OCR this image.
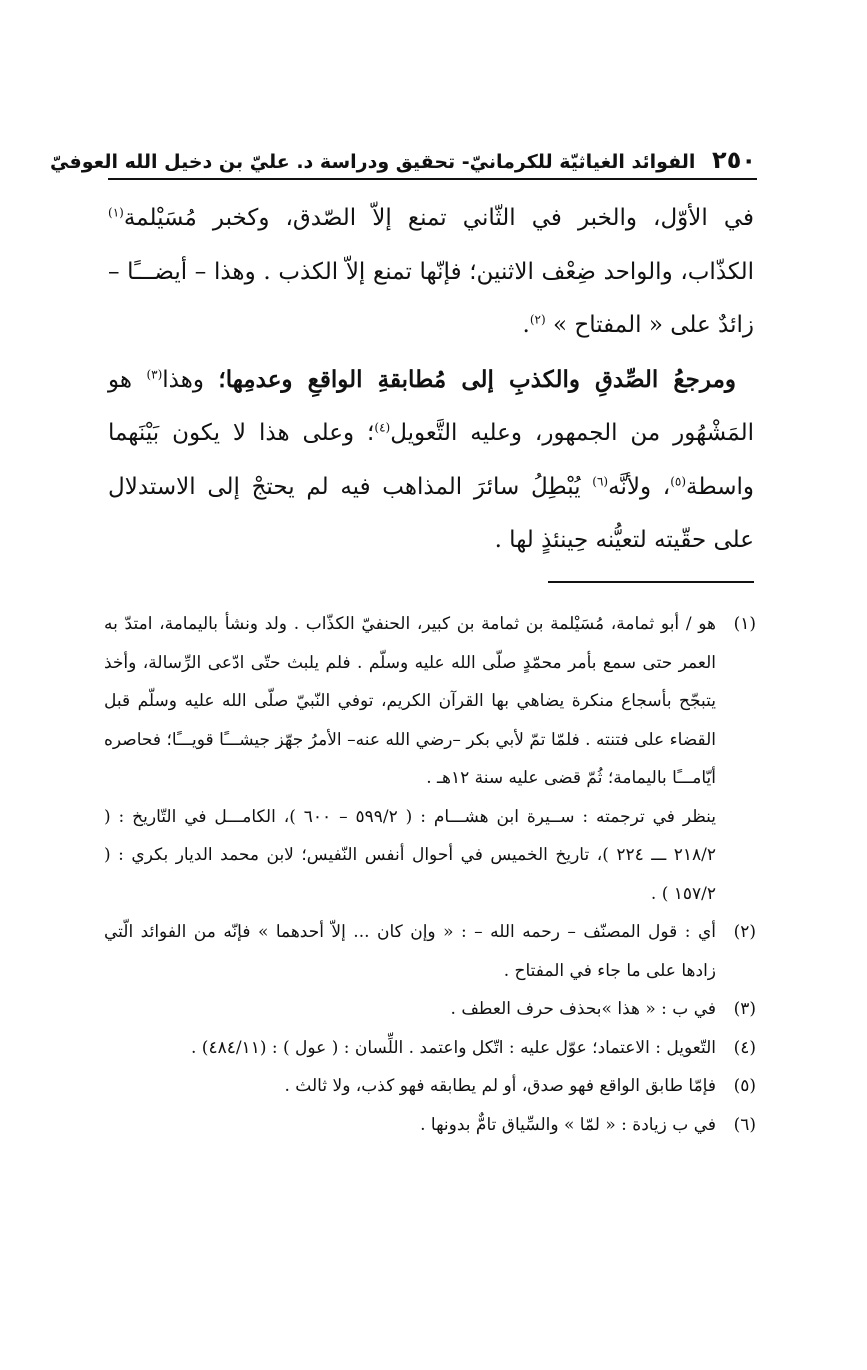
٢٥٠ الفوائد الغياثيّة للكرمانيّ- تحقيق ودراسة د. عليّ بن دخيل الله العوفيّ

في الأوّل، والخبر في الثّاني تمنع إلاّ الصّدق، وكخبر مُسَيْلمة$^{(١)}$ الكذّاب، والواحد ضِعْف الاثنين؛ فإنّها تمنع إلاّ الكذب . وهذا – أيضـــًا – زائدٌ على « المفتاح » $^{(٢)}$.

ومرجعُ الصِّدقِ والكذبِ إلى مُطابقةِ الواقعِ وعدمِها؛ وهذا$^{(٣)}$ هو المَشْهُور من الجمهور، وعليه التَّعويل$^{(٤)}$؛ وعلى هذا لا يكون بَيْنَهما واسطة$^{(٥)}$، ولأنَّه$^{(٦)}$ يُبْطِلُ سائرَ المذاهب فيه لم يحتجْ إلى الاستدلال على حقّيته لتعيُّنه حِينئذٍ لها .

(١)هو / أبو ثمامة، مُسَيْلمة بن ثمامة بن كبير، الحنفيّ الكذّاب . ولد ونشأ باليمامة، امتدّ به العمر حتى سمع بأمر محمّدٍ صلّى الله عليه وسلّم . فلم يلبث حتّى ادّعى الرِّسالة، وأخذ يتبجّح بأسجاع منكرة يضاهي بها القرآن الكريم، توفي النّبيّ صلّى الله عليه وسلّم قبل القضاء على فتنته . فلمّا تمّ لأبي بكر –رضي الله عنه– الأمرُ جهّز جيشـــًا قويـــًا؛ فحاصره أيّامـــًا باليمامة؛ ثُمّ قضى عليه سنة ١٢هـ .

ينظر في ترجمته : ســيرة ابن هشـــام : ( ٥٩٩/٢ – ٦٠٠ )، الكامـــل في التّاريخ : ( ٢١٨/٢ ـــ ٢٢٤ )، تاريخ الخميس في أحوال أنفس النّفيس؛ لابن محمد الديار بكري : ( ١٥٧/٢ ) .

(٢)أي : قول المصنّف – رحمه الله – : « وإن كان ... إلاّ أحدهما » فإنّه من الفوائد الّتي زادها على ما جاء في المفتاح .

(٣)في ب : « هذا »بحذف حرف العطف .

(٤)التّعويل : الاعتماد؛ عوّل عليه : اتّكل واعتمد . اللِّسان : ( عول ) : (٤٨٤/١١) .

(٥)فإمّا طابق الواقع فهو صدق، أو لم يطابقه فهو كذب، ولا ثالث .

(٦)في ب زيادة : « لمّا » والسِّياق تامٌّ بدونها .
